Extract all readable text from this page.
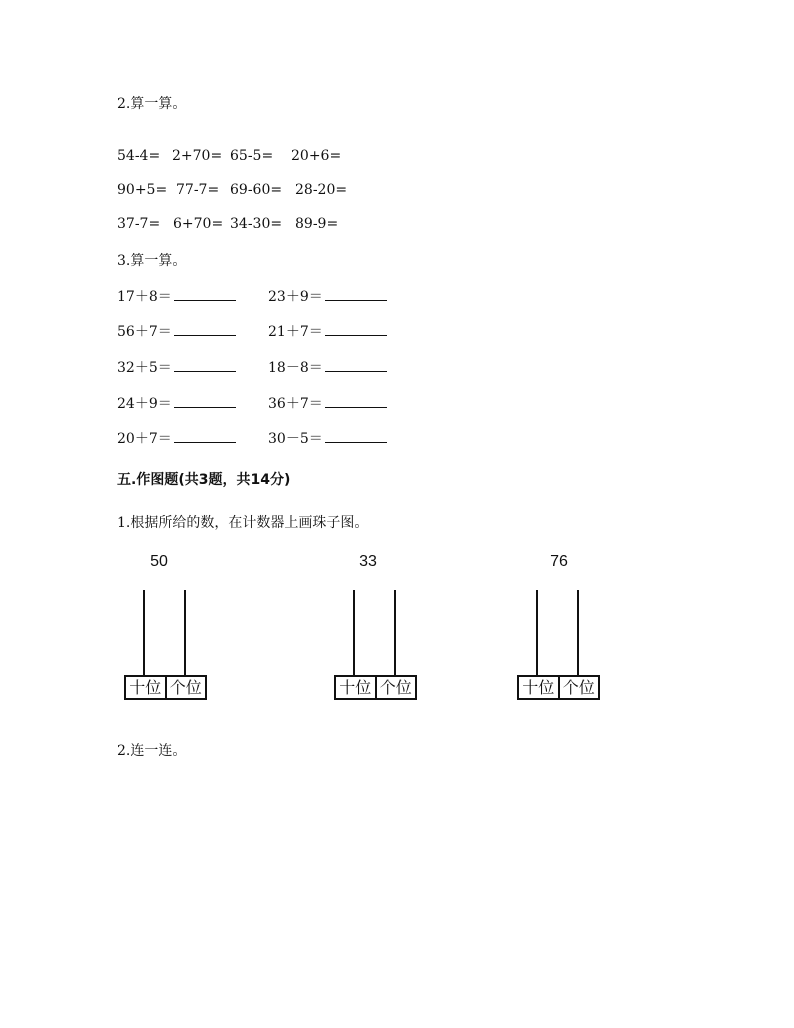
2.算一算。
54-4= 2+70= 65-5= 20+6=
90+5= 77-7= 69-60= 28-20=
37-7= 6+70= 34-30= 89-9=
3.算一算。
17＋8＝	23＋9＝
56＋7＝	21＋7＝
32＋5＝	18－8＝
24＋9＝	36＋7＝
20＋7＝	30－5＝
五.作图题(共3题，共14分)
1.根据所给的数，在计数器上画珠子图。
50
十位 个位
33
十位 个位
76
十位 个位
2.连一连。
